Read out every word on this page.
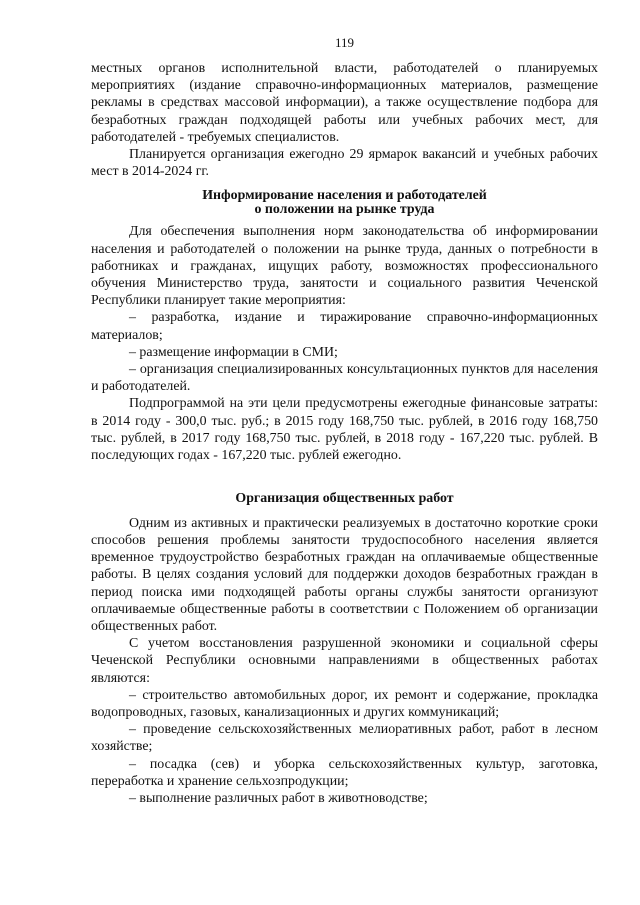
119

местных органов исполнительной власти, работодателей о планируемых мероприятиях (издание справочно-информационных материалов, размещение рекламы в средствах массовой информации), а также осуществление подбора для безработных граждан подходящей работы или учебных рабочих мест, для работодателей - требуемых специалистов.

Планируется организация ежегодно 29 ярмарок вакансий и учебных рабочих мест в 2014-2024 гг.

Информирование населения и работодателей

о положении на рынке труда

Для обеспечения выполнения норм законодательства об информировании населения и работодателей о положении на рынке труда, данных о потребности в работниках и гражданах, ищущих работу, возможностях профессионального обучения Министерство труда, занятости и социального развития Чеченской Республики планирует такие мероприятия:

– разработка, издание и тиражирование справочно-информационных материалов;

– размещение информации в СМИ;

– организация специализированных консультационных пунктов для населения и работодателей.

Подпрограммой на эти цели предусмотрены ежегодные финансовые затраты: в 2014 году - 300,0 тыс. руб.; в 2015 году 168,750 тыс. рублей, в 2016 году 168,750 тыс. рублей, в 2017 году 168,750 тыс. рублей, в 2018 году - 167,220 тыс. рублей. В последующих годах - 167,220 тыс. рублей ежегодно.

Организация общественных работ

Одним из активных и практически реализуемых в достаточно короткие сроки способов решения проблемы занятости трудоспособного населения является временное трудоустройство безработных граждан на оплачиваемые общественные работы. В целях создания условий для поддержки доходов безработных граждан в период поиска ими подходящей работы органы службы занятости организуют оплачиваемые общественные работы в соответствии с Положением об организации общественных работ.

С учетом восстановления разрушенной экономики и социальной сферы Чеченской Республики основными направлениями в общественных работах являются:

– строительство автомобильных дорог, их ремонт и содержание, прокладка водопроводных, газовых, канализационных и других коммуникаций;

– проведение сельскохозяйственных мелиоративных работ, работ в лесном хозяйстве;

– посадка (сев) и уборка сельскохозяйственных культур, заготовка, переработка и хранение сельхозпродукции;

– выполнение различных работ в животноводстве;
